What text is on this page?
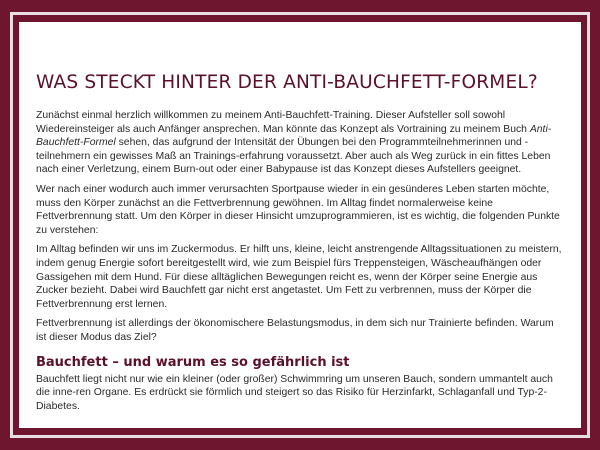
WAS STECKT HINTER DER ANTI-BAUCHFETT-FORMEL?

Zunächst einmal herzlich willkommen zu meinem Anti-Bauchfett-Training. Dieser Aufsteller soll sowohl Wiedereinsteiger als auch Anfänger ansprechen. Man könnte das Konzept als Vortraining zu meinem Buch Anti-Bauchfett-Formel sehen, das aufgrund der Intensität der Übungen bei den Programmteilnehmerinnen und -teilnehmern ein gewisses Maß an Trainings-erfahrung voraussetzt. Aber auch als Weg zurück in ein fittes Leben nach einer Verletzung, einem Burn-out oder einer Babypause ist das Konzept dieses Aufstellers geeignet.

Wer nach einer wodurch auch immer verursachten Sportpause wieder in ein gesünderes Leben starten möchte, muss den Körper zunächst an die Fettverbrennung gewöhnen. Im Alltag findet normalerweise keine Fettverbrennung statt. Um den Körper in dieser Hinsicht umzuprogrammieren, ist es wichtig, die folgenden Punkte zu verstehen:

Im Alltag befinden wir uns im Zuckermodus. Er hilft uns, kleine, leicht anstrengende Alltagssituationen zu meistern, indem genug Energie sofort bereitgestellt wird, wie zum Beispiel fürs Treppensteigen, Wäscheaufhängen oder Gassigehen mit dem Hund. Für diese alltäglichen Bewegungen reicht es, wenn der Körper seine Energie aus Zucker bezieht. Dabei wird Bauchfett gar nicht erst angetastet. Um Fett zu verbrennen, muss der Körper die Fettverbrennung erst lernen.

Fettverbrennung ist allerdings der ökonomischere Belastungsmodus, in dem sich nur Trainierte befinden. Warum ist dieser Modus das Ziel?

Bauchfett – und warum es so gefährlich ist

Bauchfett liegt nicht nur wie ein kleiner (oder großer) Schwimmring um unseren Bauch, sondern ummantelt auch die inne-ren Organe. Es erdrückt sie förmlich und steigert so das Risiko für Herzinfarkt, Schlaganfall und Typ-2-Diabetes.
